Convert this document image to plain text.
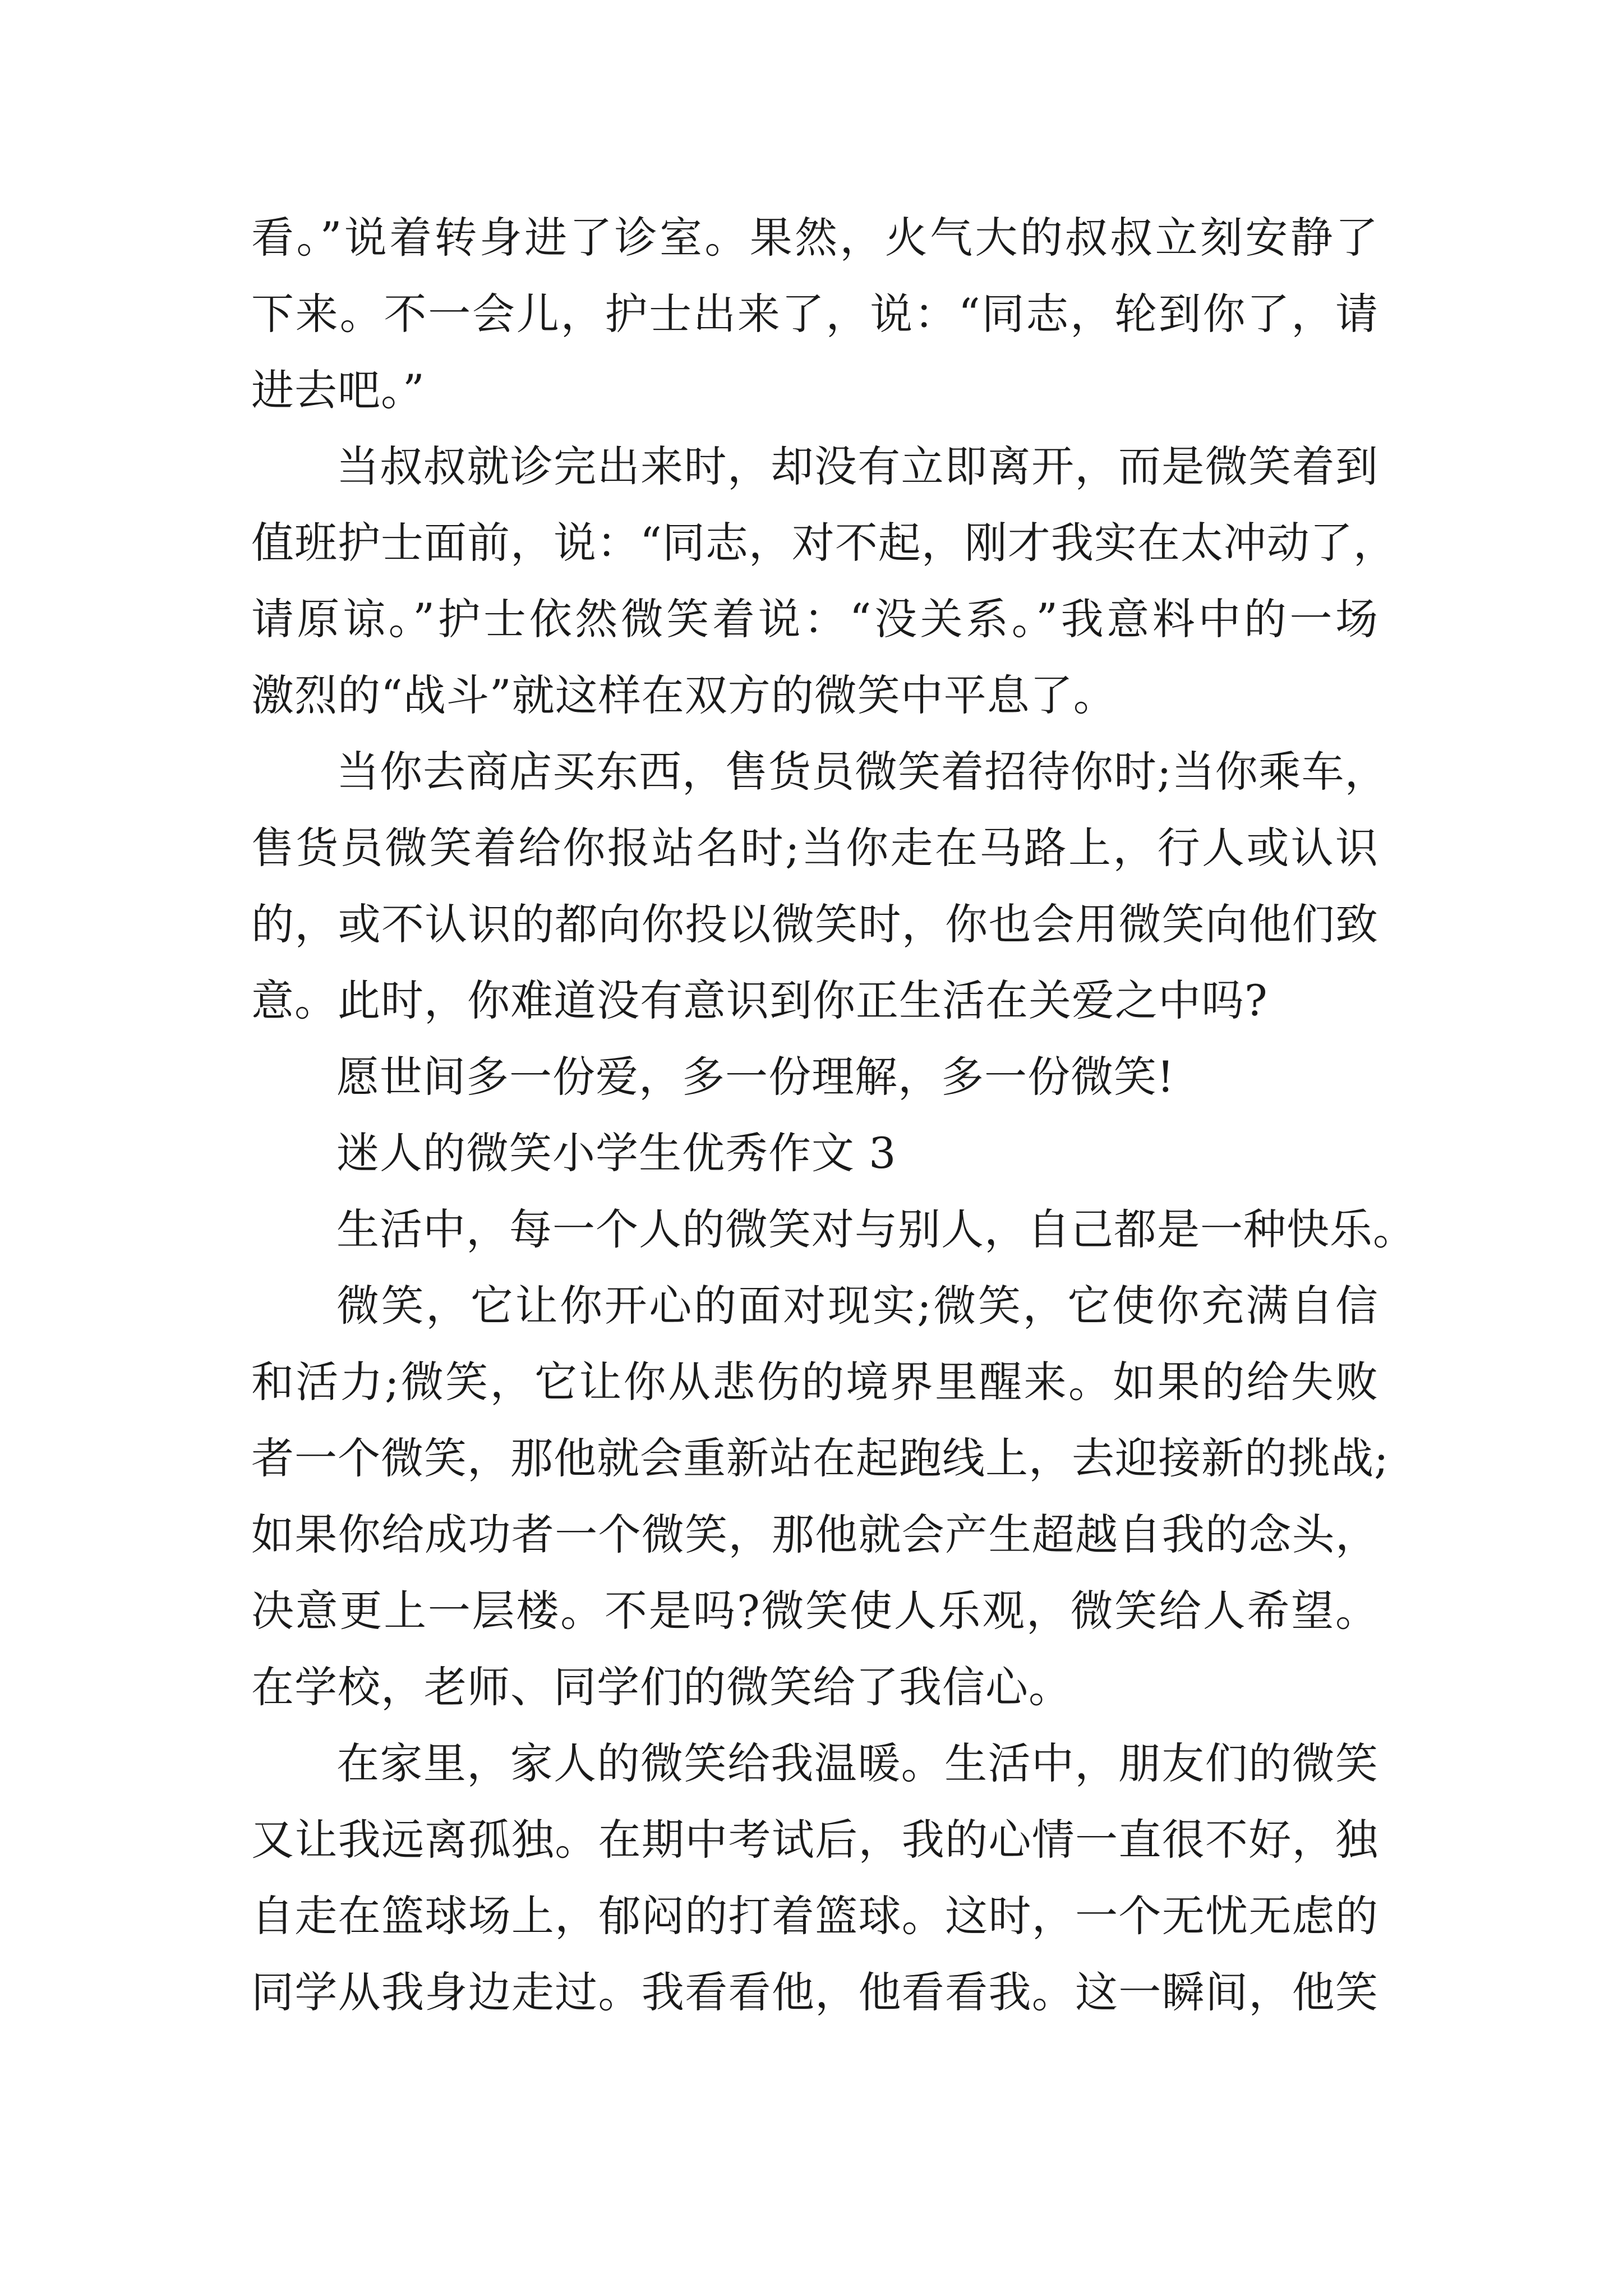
看。”说着转身进了诊室。果然，火气大的叔叔立刻安静了
下来。不一会儿，护士出来了，说：“同志，轮到你了，请
进去吧。”
当叔叔就诊完出来时，却没有立即离开，而是微笑着到
值班护士面前，说：“同志，对不起，刚才我实在太冲动了，
请原谅。”护士依然微笑着说：“没关系。”我意料中的一场
激烈的“战斗”就这样在双方的微笑中平息了。
当你去商店买东西，售货员微笑着招待你时;当你乘车，
售货员微笑着给你报站名时;当你走在马路上，行人或认识
的，或不认识的都向你投以微笑时，你也会用微笑向他们致
意。此时，你难道没有意识到你正生活在关爱之中吗?
愿世间多一份爱，多一份理解，多一份微笑!
迷人的微笑小学生优秀作文 3
生活中，每一个人的微笑对与别人，自己都是一种快乐。
微笑，它让你开心的面对现实;微笑，它使你充满自信
和活力;微笑，它让你从悲伤的境界里醒来。如果的给失败
者一个微笑，那他就会重新站在起跑线上，去迎接新的挑战;
如果你给成功者一个微笑，那他就会产生超越自我的念头，
决意更上一层楼。不是吗?微笑使人乐观，微笑给人希望。
在学校，老师、同学们的微笑给了我信心。
在家里，家人的微笑给我温暖。生活中，朋友们的微笑
又让我远离孤独。在期中考试后，我的心情一直很不好，独
自走在篮球场上，郁闷的打着篮球。这时，一个无忧无虑的
同学从我身边走过。我看看他，他看看我。这一瞬间，他笑
